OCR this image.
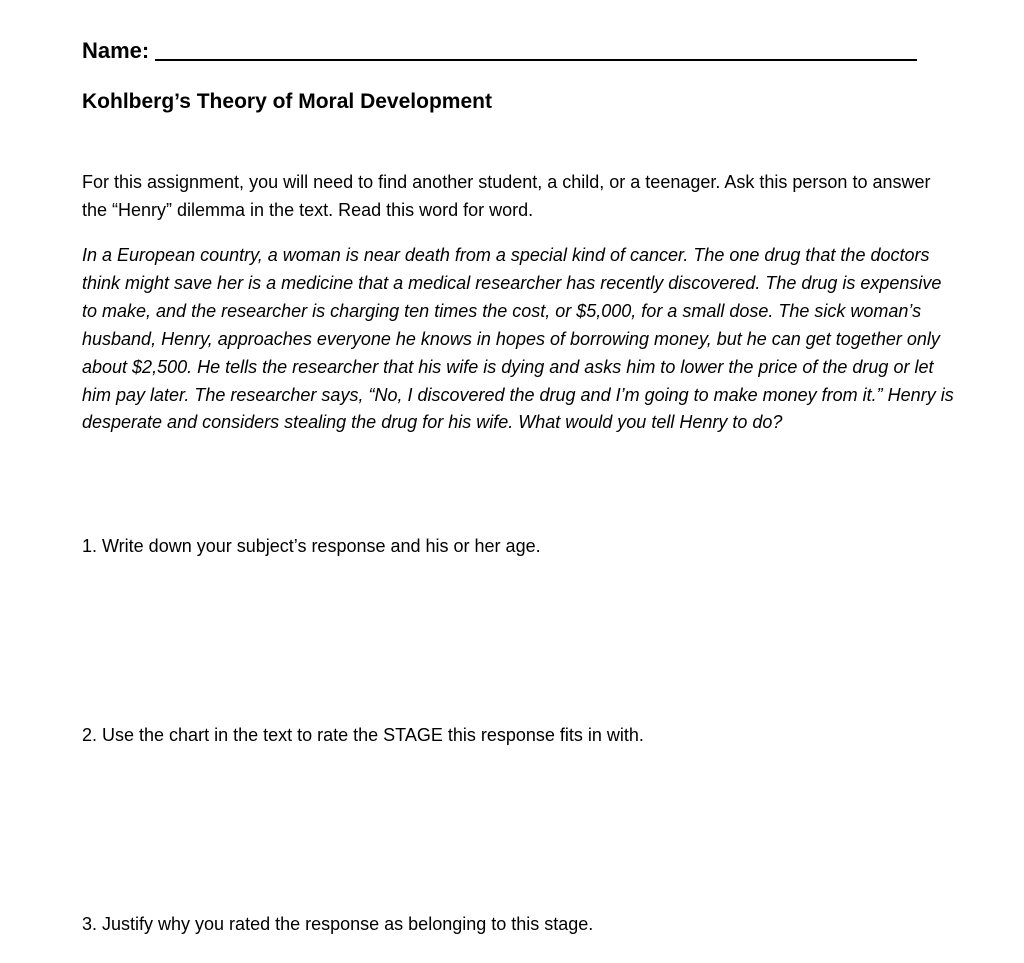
Name:
Kohlberg’s Theory of Moral Development

For this assignment, you will need to find another student, a child, or a teenager. Ask this person to answer the “Henry” dilemma in the text. Read this word for word.

In a European country, a woman is near death from a special kind of cancer. The one drug that the doctors think might save her is a medicine that a medical researcher has recently discovered. The drug is expensive to make, and the researcher is charging ten times the cost, or $5,000, for a small dose. The sick woman’s husband, Henry, approaches everyone he knows in hopes of borrowing money, but he can get together only about $2,500. He tells the researcher that his wife is dying and asks him to lower the price of the drug or let him pay later. The researcher says, “No, I discovered the drug and I’m going to make money from it.” Henry is desperate and considers stealing the drug for his wife. What would you tell Henry to do?

1. Write down your subject’s response and his or her age.

2. Use the chart in the text to rate the STAGE this response fits in with.

3. Justify why you rated the response as belonging to this stage.
